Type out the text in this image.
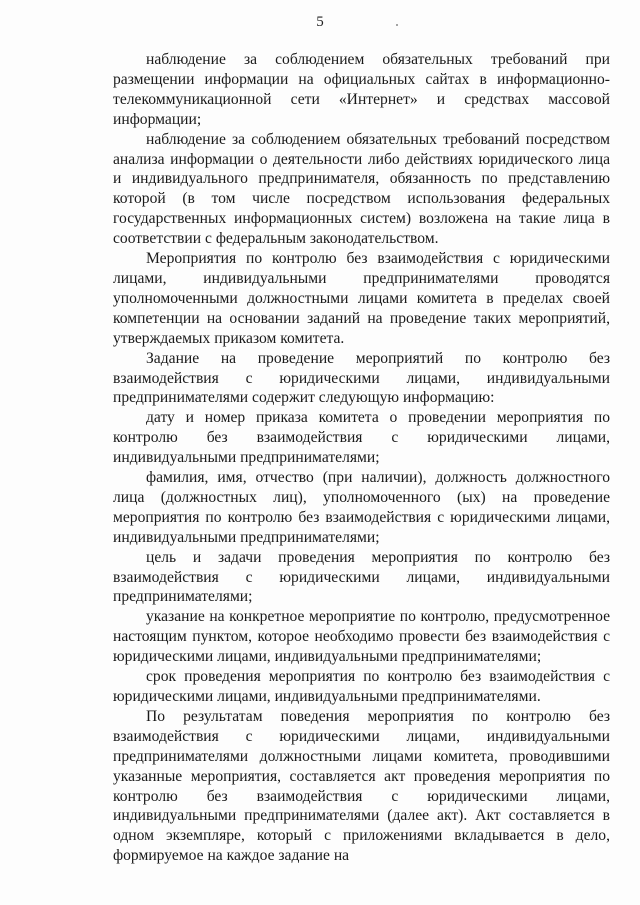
5

наблюдение за соблюдением обязательных требований при размещении информации на официальных сайтах в информационно-телекоммуникационной сети «Интернет» и средствах массовой информации;

наблюдение за соблюдением обязательных требований посредством анализа информации о деятельности либо действиях юридического лица и индивидуального предпринимателя, обязанность по представлению которой (в том числе посредством использования федеральных государственных информационных систем) возложена на такие лица в соответствии с федеральным законодательством.

Мероприятия по контролю без взаимодействия с юридическими лицами, индивидуальными предпринимателями проводятся уполномоченными должностными лицами комитета в пределах своей компетенции на основании заданий на проведение таких мероприятий, утверждаемых приказом комитета.

Задание на проведение мероприятий по контролю без взаимодействия с юридическими лицами, индивидуальными предпринимателями содержит следующую информацию:

дату и номер приказа комитета о проведении мероприятия по контролю без взаимодействия с юридическими лицами, индивидуальными предпринимателями;

фамилия, имя, отчество (при наличии), должность должностного лица (должностных лиц), уполномоченного (ых) на проведение мероприятия по контролю без взаимодействия с юридическими лицами, индивидуальными предпринимателями;

цель и задачи проведения мероприятия по контролю без взаимодействия с юридическими лицами, индивидуальными предпринимателями;

указание на конкретное мероприятие по контролю, предусмотренное настоящим пунктом, которое необходимо провести без взаимодействия с юридическими лицами, индивидуальными предпринимателями;

срок проведения мероприятия по контролю без взаимодействия с юридическими лицами, индивидуальными предпринимателями.

По результатам поведения мероприятия по контролю без взаимодействия с юридическими лицами, индивидуальными предпринимателями должностными лицами комитета, проводившими указанные мероприятия, составляется акт проведения мероприятия по контролю без взаимодействия с юридическими лицами, индивидуальными предпринимателями (далее акт). Акт составляется в одном экземпляре, который с приложениями вкладывается в дело, формируемое на каждое задание на
